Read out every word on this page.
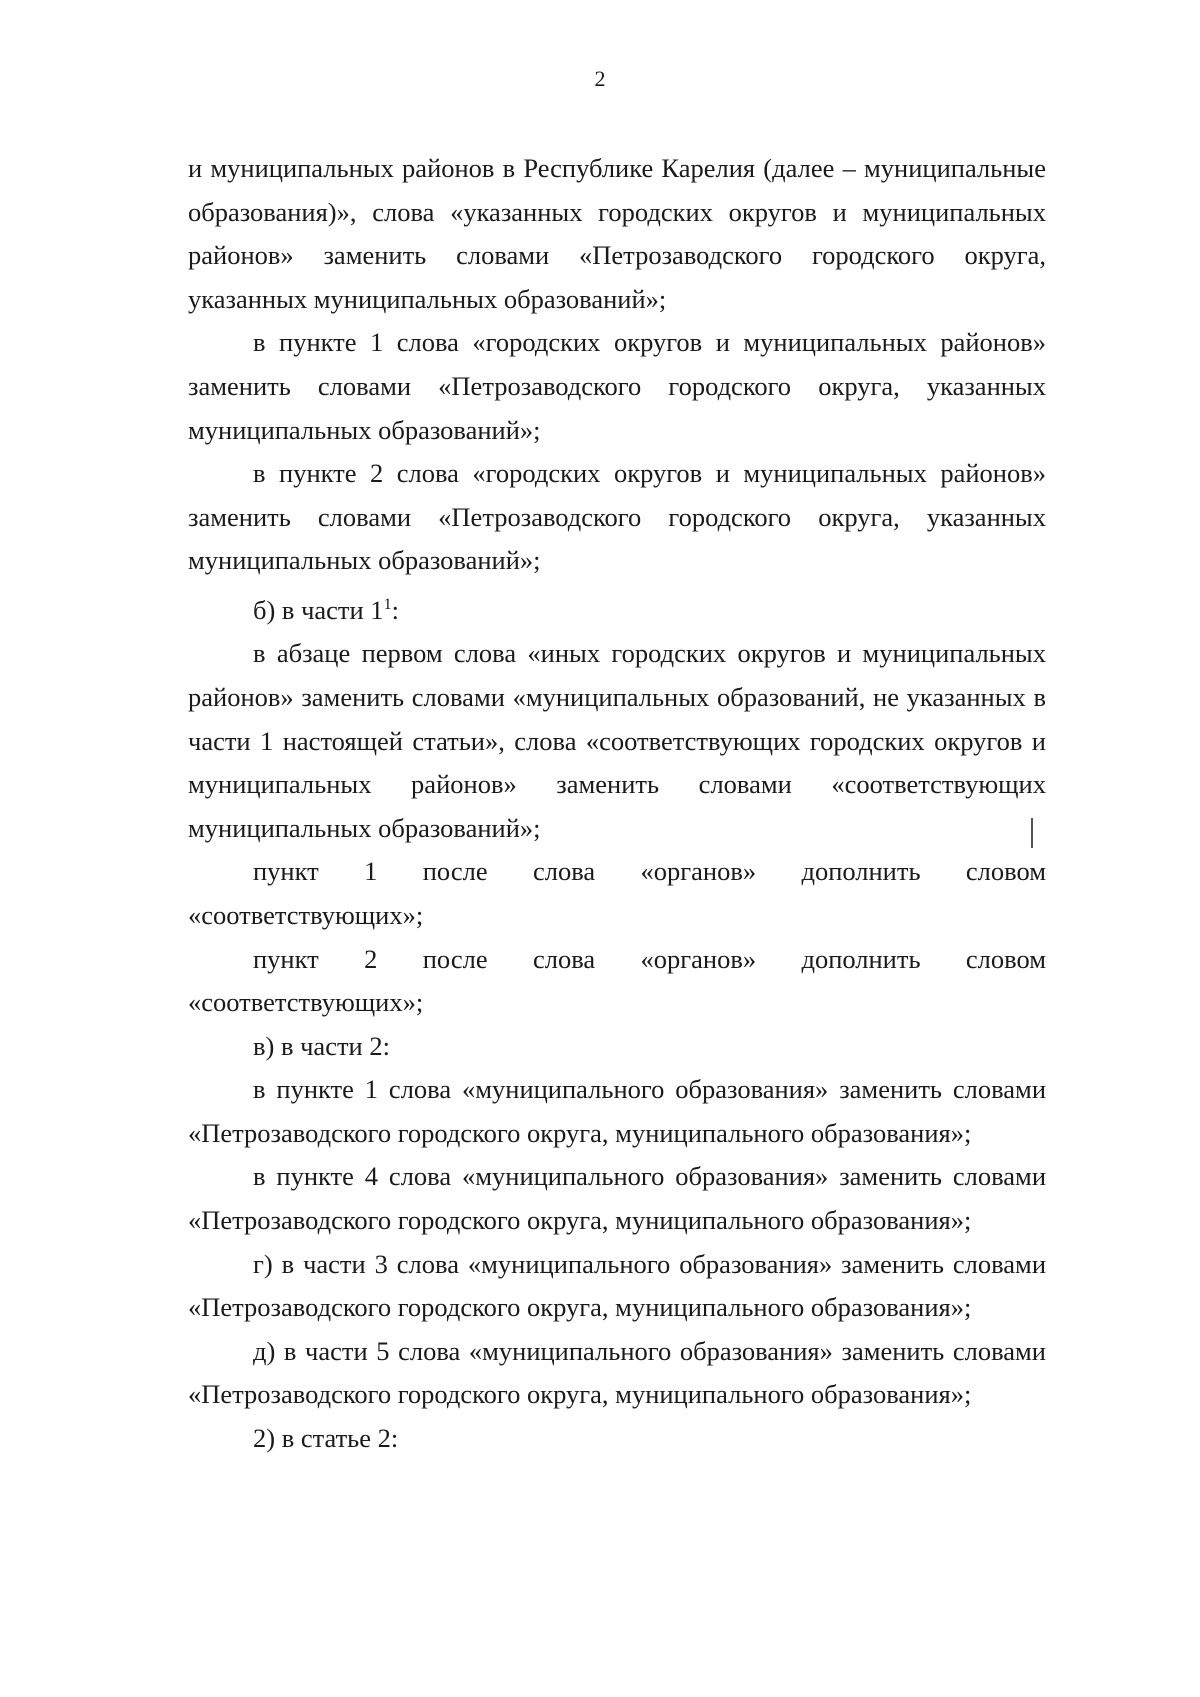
2

и муниципальных районов в Республике Карелия (далее – муниципальные образования)», слова «указанных городских округов и муниципальных районов» заменить словами «Петрозаводского городского округа, указанных муниципальных образований»;

в пункте 1 слова «городских округов и муниципальных районов» заменить словами «Петрозаводского городского округа, указанных муниципальных образований»;

в пункте 2 слова «городских округов и муниципальных районов» заменить словами «Петрозаводского городского округа, указанных муниципальных образований»;

б) в части $1^1$:

в абзаце первом слова «иных городских округов и муниципальных районов» заменить словами «муниципальных образований, не указанных в части 1 настоящей статьи», слова «соответствующих городских округов и муниципальных районов» заменить словами «соответствующих муниципальных образований»;

пункт 1 после слова «органов» дополнить словом «соответствующих»;

пункт 2 после слова «органов» дополнить словом «соответствующих»;

в) в части 2:

в пункте 1 слова «муниципального образования» заменить словами «Петрозаводского городского округа, муниципального образования»;

в пункте 4 слова «муниципального образования» заменить словами «Петрозаводского городского округа, муниципального образования»;

г) в части 3 слова «муниципального образования» заменить словами «Петрозаводского городского округа, муниципального образования»;

д) в части 5 слова «муниципального образования» заменить словами «Петрозаводского городского округа, муниципального образования»;

2) в статье 2:
